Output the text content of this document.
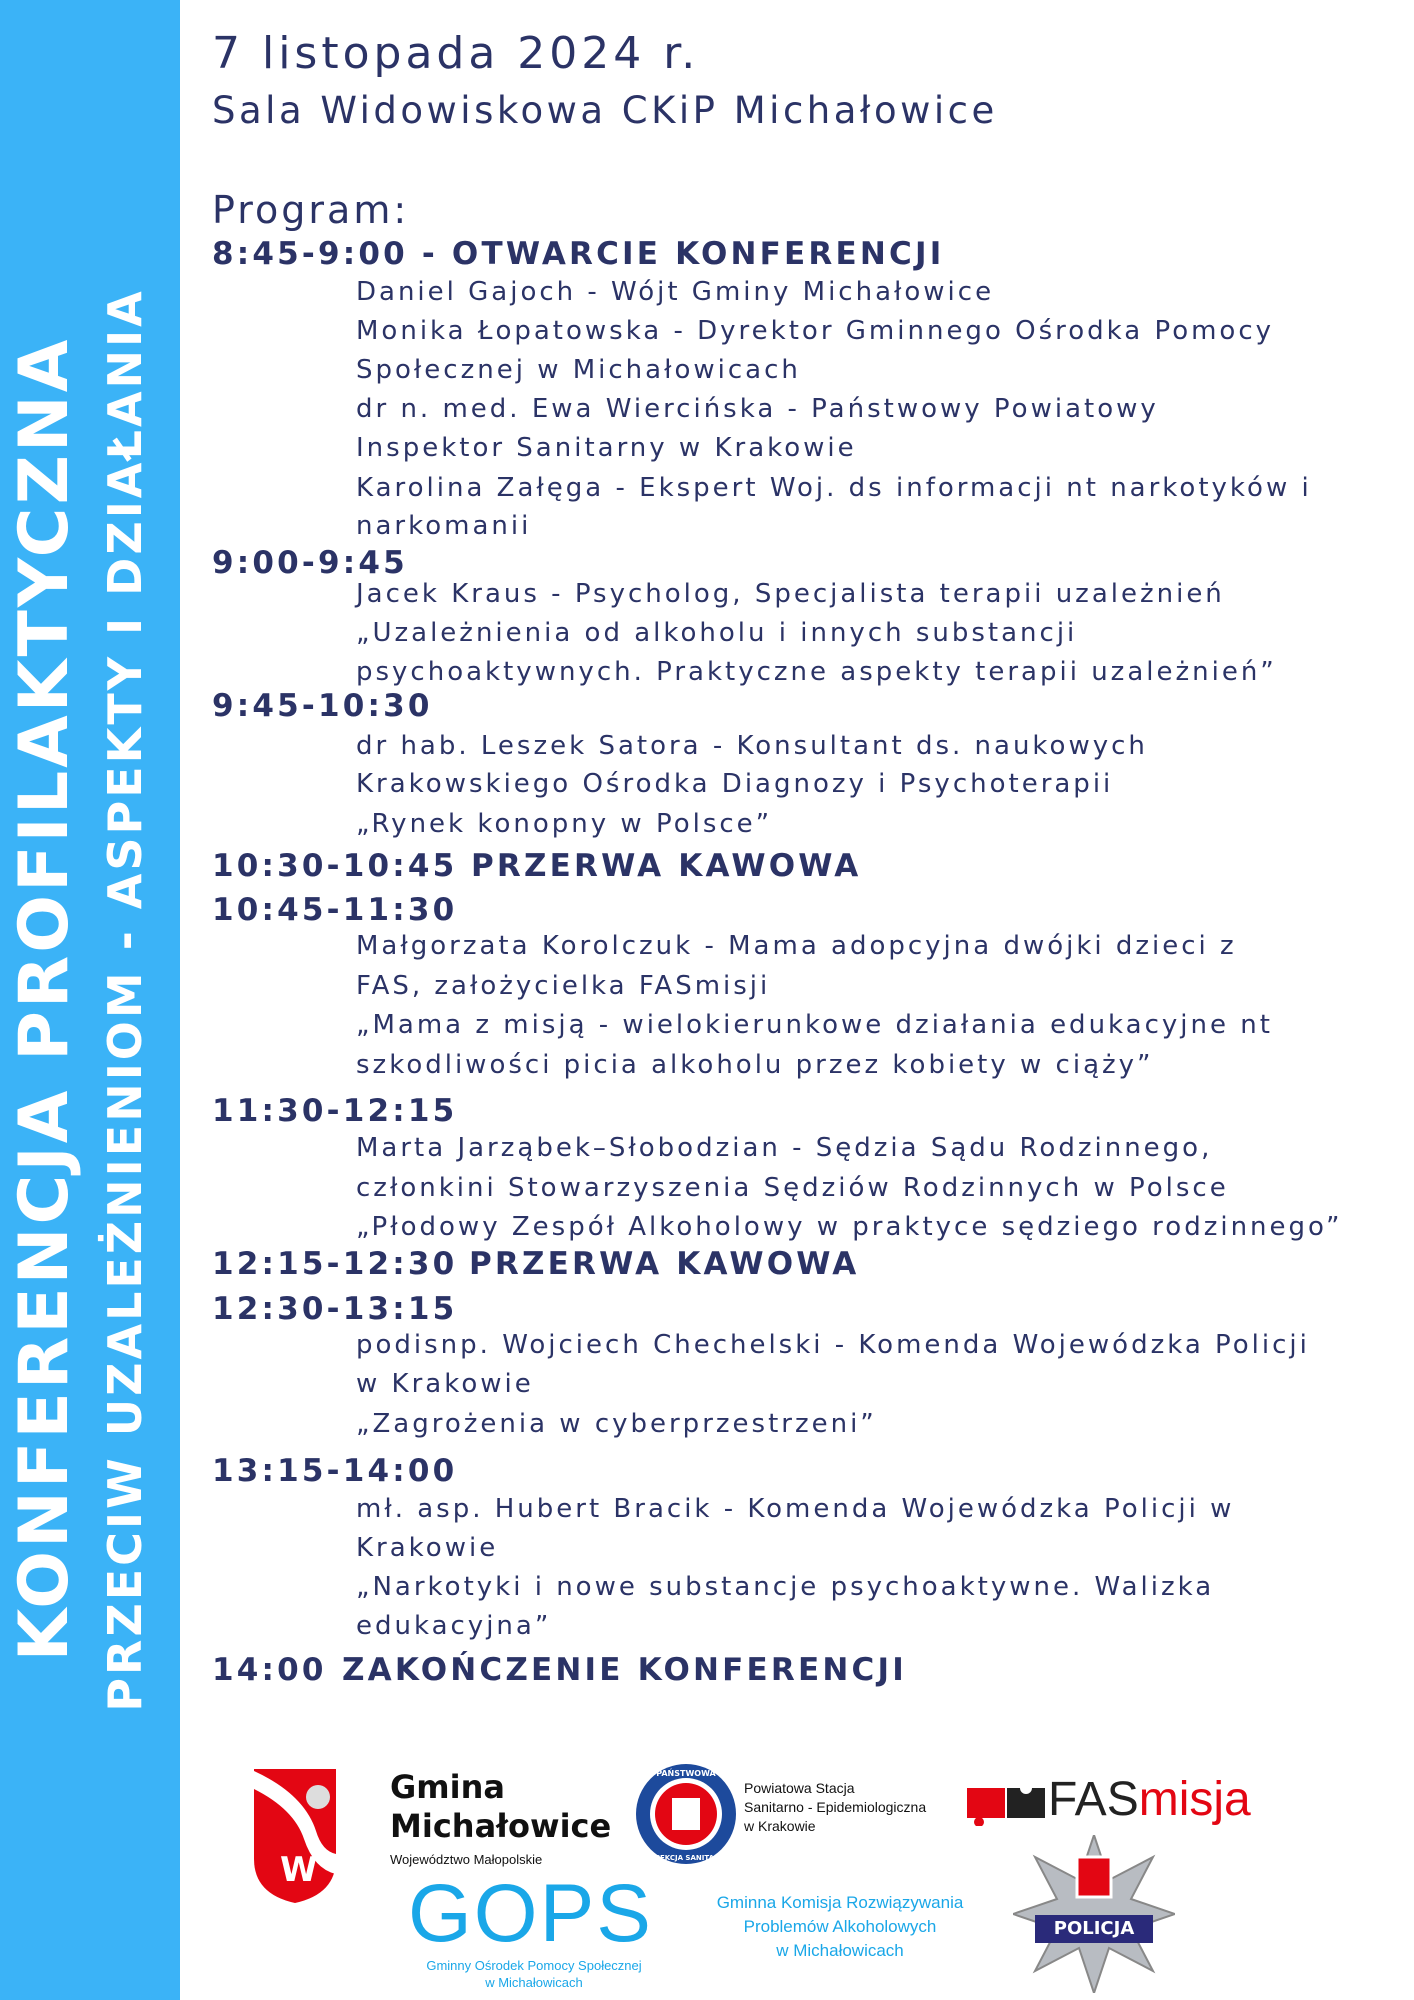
KONFERENCJA PROFILAKTYCZNA PRZECIW UZALEŻNIENIOM - ASPEKTY I DZIAŁANIA
7 listopada 2024 r.
Sala Widowiskowa CKiP Michałowice
Program:
8:45-9:00 - OTWARCIE KONFERENCJI
Daniel Gajoch - Wójt Gminy Michałowice
Monika Łopatowska - Dyrektor Gminnego Ośrodka Pomocy
Społecznej w Michałowicach
dr n. med. Ewa Wiercińska - Państwowy Powiatowy
Inspektor Sanitarny w Krakowie
Karolina Załęga - Ekspert Woj. ds informacji nt narkotyków i
narkomanii
9:00-9:45
Jacek Kraus - Psycholog, Specjalista terapii uzależnień
„Uzależnienia od alkoholu i innych substancji
psychoaktywnych. Praktyczne aspekty terapii uzależnień”
9:45-10:30
dr hab. Leszek Satora - Konsultant ds. naukowych
Krakowskiego Ośrodka Diagnozy i Psychoterapii
„Rynek konopny w Polsce”
10:30-10:45 PRZERWA KAWOWA
10:45-11:30
Małgorzata Korolczuk - Mama adopcyjna dwójki dzieci z
FAS, założycielka FASmisji
„Mama z misją - wielokierunkowe działania edukacyjne nt
szkodliwości picia alkoholu przez kobiety w ciąży”
11:30-12:15
Marta Jarząbek–Słobodzian - Sędzia Sądu Rodzinnego,
członkini Stowarzyszenia Sędziów Rodzinnych w Polsce
„Płodowy Zespół Alkoholowy w praktyce sędziego rodzinnego”
12:15-12:30 PRZERWA KAWOWA
12:30-13:15
podisnp. Wojciech Chechelski - Komenda Wojewódzka Policji
w Krakowie
„Zagrożenia w cyberprzestrzeni”
13:15-14:00
mł. asp. Hubert Bracik - Komenda Wojewódzka Policji w
Krakowie
„Narkotyki i nowe substancje psychoaktywne. Walizka
edukacyjna”
14:00 ZAKOŃCZENIE KONFERENCJI
W
Gmina
Michałowice
Województwo Małopolskie
GOPS
Gminny Ośrodek Pomocy Społecznej
w Michałowicach
PAŃSTWOWA
INSPEKCJA SANITARNA
Powiatowa Stacja
Sanitarno - Epidemiologiczna
w Krakowie
Gminna Komisja Rozwiązywania
Problemów Alkoholowych
w Michałowicach
FASmisja
POLICJA
